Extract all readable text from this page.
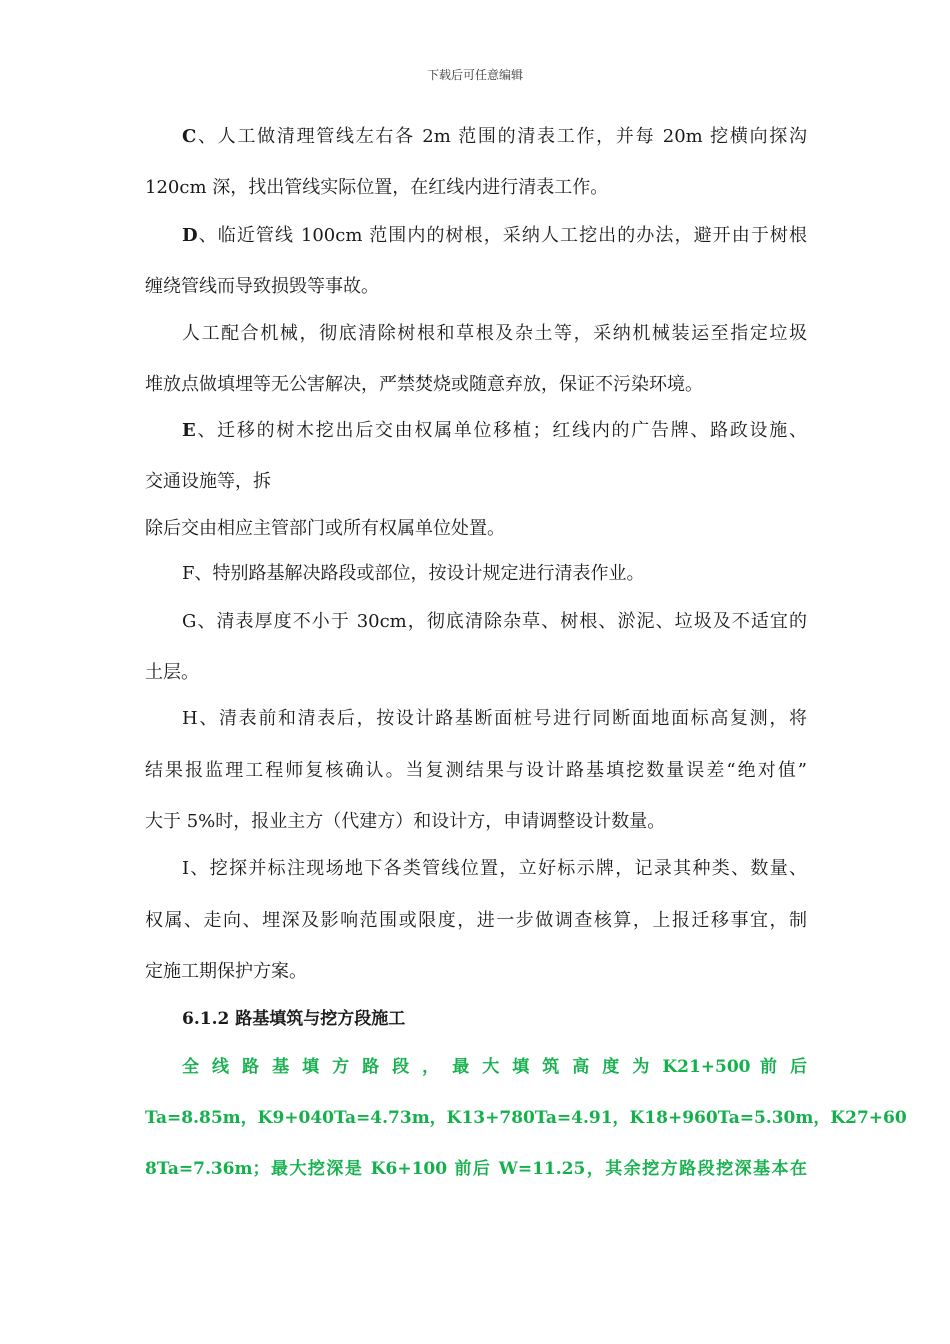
下载后可任意编辑
C、人工做清理管线左右各 2m 范围的清表工作，并每 20m 挖横向探沟
120cm 深，找出管线实际位置，在红线内进行清表工作。
D、临近管线 100cm 范围内的树根，采纳人工挖出的办法，避开由于树根
缠绕管线而导致损毁等事故。
人工配合机械，彻底清除树根和草根及杂土等，采纳机械装运至指定垃圾
堆放点做填埋等无公害解决，严禁焚烧或随意弃放，保证不污染环境。
E、迁移的树木挖出后交由权属单位移植；红线内的广告牌、路政设施、
交通设施等，拆
除后交由相应主管部门或所有权属单位处置。
F、特别路基解决路段或部位，按设计规定进行清表作业。
G、清表厚度不小于 30cm，彻底清除杂草、树根、淤泥、垃圾及不适宜的
土层。
H、清表前和清表后，按设计路基断面桩号进行同断面地面标高复测，将
结果报监理工程师复核确认。当复测结果与设计路基填挖数量误差“绝对值”
大于 5%时，报业主方（代建方）和设计方，申请调整设计数量。
I、挖探并标注现场地下各类管线位置，立好标示牌，记录其种类、数量、
权属、走向、埋深及影响范围或限度，进一步做调查核算，上报迁移事宜，制
定施工期保护方案。
6.1.2 路基填筑与挖方段施工
全 线 路 基 填 方 路 段 ， 最 大 填 筑 高 度 为 K21+500 前 后
Ta=8.85m，K9+040Ta=4.73m，K13+780Ta=4.91，K18+960Ta=5.30m，K27+60
8Ta=7.36m；最大挖深是 K6+100 前后 W=11.25，其余挖方路段挖深基本在
